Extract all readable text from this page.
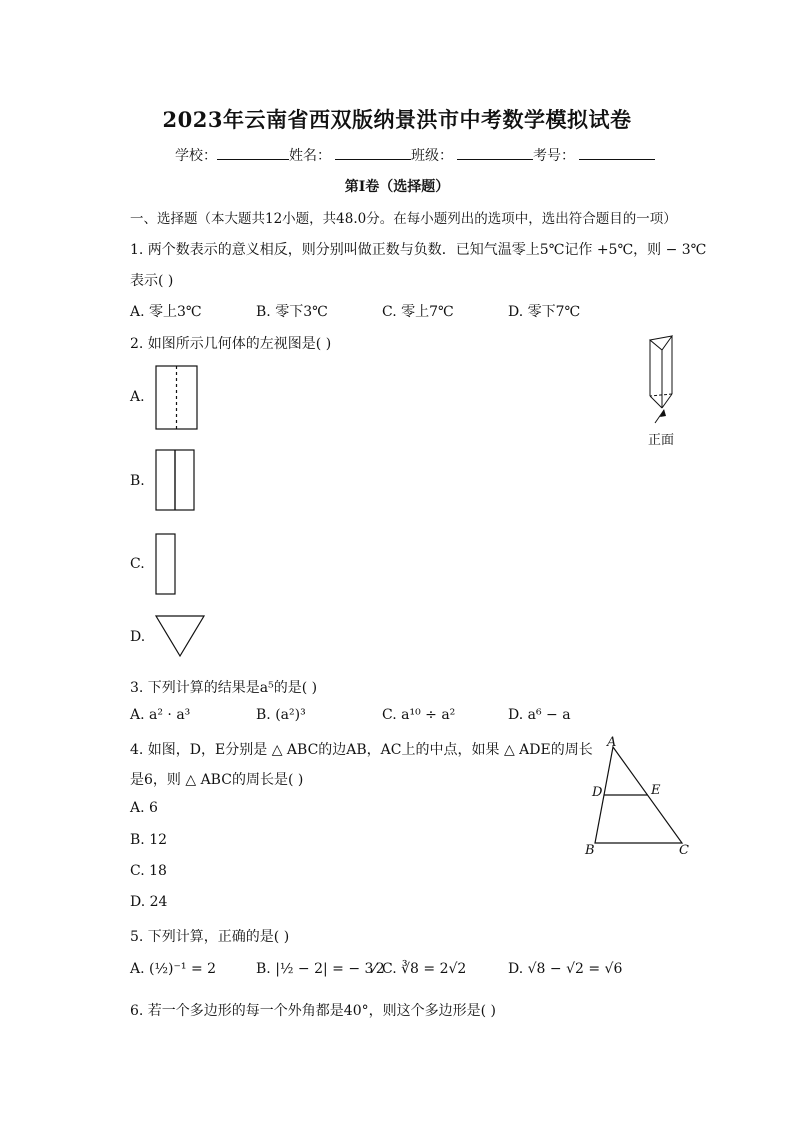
2023年云南省西双版纳景洪市中考数学模拟试卷
学校：	姓名：	班级：	考号：
第Ⅰ卷（选择题）
一、选择题（本大题共12小题，共48.0分。在每小题列出的选项中，选出符合题目的一项）
1. 两个数表示的意义相反，则分别叫做正数与负数．已知气温零上5℃记作 +5℃，则 − 3℃
表示( )
A. 零上3℃	B. 零下3℃	C. 零上7℃	D. 零下7℃
2. 如图所示几何体的左视图是( )
A.
B.
C.
D.
正面
3. 下列计算的结果是a⁵的是( )
A. a² · a³	B. (a²)³	C. a¹⁰ ÷ a²	D. a⁶ − a
4. 如图，D，E分别是 △ ABC的边AB，AC上的中点，如果 △ ADE的周长
是6，则 △ ABC的周长是( )
A. 6
B. 12
C. 18
D. 24
A
D	E
B	C
5. 下列计算，正确的是( )
A. (½)⁻¹ = 2	B. |½ − 2| = − 3⁄2
C. ∛8 = 2√2	D. √8 − √2 = √6
6. 若一个多边形的每一个外角都是40°，则这个多边形是( )
